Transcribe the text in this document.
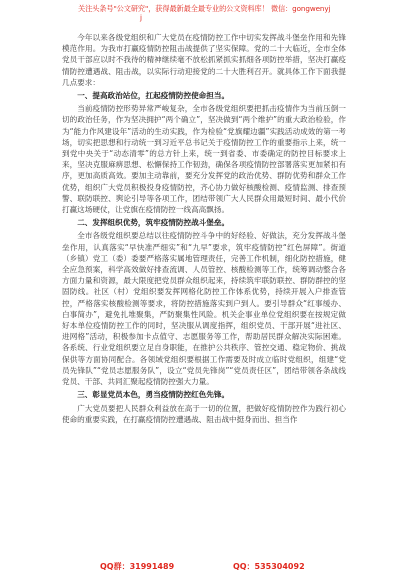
关注头条号"公文研究"，获得最新最全最专业的公文资料库！ 微信：gongwenyj
j

今年以来各级党组织和广大党员在疫情防控工作中切实发挥战斗堡垒作用和先锋模范作用。为我市打赢疫情防控阻击战提供了坚实保障。党的二十大临近，全市全体党员干部应以时不我待的精神继续毫不放松抓紧抓实抓细各项防控举措，坚决打赢疫情防控遭遇战、阻击战，以实际行动迎接党的二十大胜利召开。就具体工作下面我提几点要求：

一、提高政治站位，扛起疫情防控使命担当。

当前疫情防控形势异常严峻复杂，全市各级党组织要把抓击疫情作为当前压倒一切的政治任务，作为坚决拥护“两个确立”，坚决做到“两个维护”的重大政治检验，作为“能力作风建设年”活动的生动实践，作为检验“党旗耀边疆”实践活动成效的第一考场，切实把思想和行动统一到习近平总书记关于疫情防控工作的重要指示上来，统一到党中央关于“动态清零”的总方针上来，统一到省委、市委确定的防控目标要求上来，坚决克服麻痹思想、松懈保持工作韧劲，确保各项疫情防控部署落实更加紧扣有序，更加高质高效。要加主动靠前，要充分发挥党的政治优势、群防优势和群众工作优势，组织广大党员积极投身疫情防控，齐心协力做好核酸检测、疫情监测、排查预警、联防联控、舆论引导等各项工作，团结带领广大人民群众用最短时间、最小代价打赢这场硬仗，让党旗在疫情防控一线高高飘扬。

二、发挥组织优势，筑牢疫情防控战斗堡垒。

全市各级党组织要总结以往疫情防控斗争中的好经验、好做法，充分发挥战斗堡垒作用，认真落实“早快准严细实”和“九早”要求，筑牢疫情防控“红色屏障”。街道（乡镇）党工（委）委要严格落实属地管理责任，完善工作机制，细化防控措施，健全应急预案，科学高效做好排查流调、人员管控、核酸检测等工作，统筹调动整合各方面力量和资源，最大限度把党员群众组织起来，持续筑牢联防联控、群防群控的坚固防线。社区（村）党组织要发挥网格化防控工作体系优势，持续开展入户排查管控，严格落实核酸检测等要求，将防控措施落实到户到人。要引导群众“红事缓办、白事简办”，避免扎堆聚集，严防聚集性风险。机关企事业单位党组织要在按规定做好本单位疫情防控工作的同时，坚决服从调度指挥，组织党员、干部开展“进社区、进网格”活动，积极参加卡点值守、志愿服务等工作，帮助居民群众解决实际困难。各系统、行业党组织要立足自身职能，在推护公共秩序、管控交通、稳定物价、挑战保供等方面协同配合。各领域党组织要根据工作需要及时成立临时党组织，组建“党员先锋队”“党员志愿服务队”，设立“党员先锋岗”“党员责任区”，团结带领各条战线党员、干部、共同汇聚起疫情防控强大力量。

三、彰显党员本色，勇当疫情防控红色先锋。

广大党员要把人民群众利益放在高于一切的位置，把做好疫情防控作为践行初心使命的重要实践，在打赢疫情防控遭遇战、阻击战中挺身而出、担当作

QQ群：31991489	QQ：535304092
